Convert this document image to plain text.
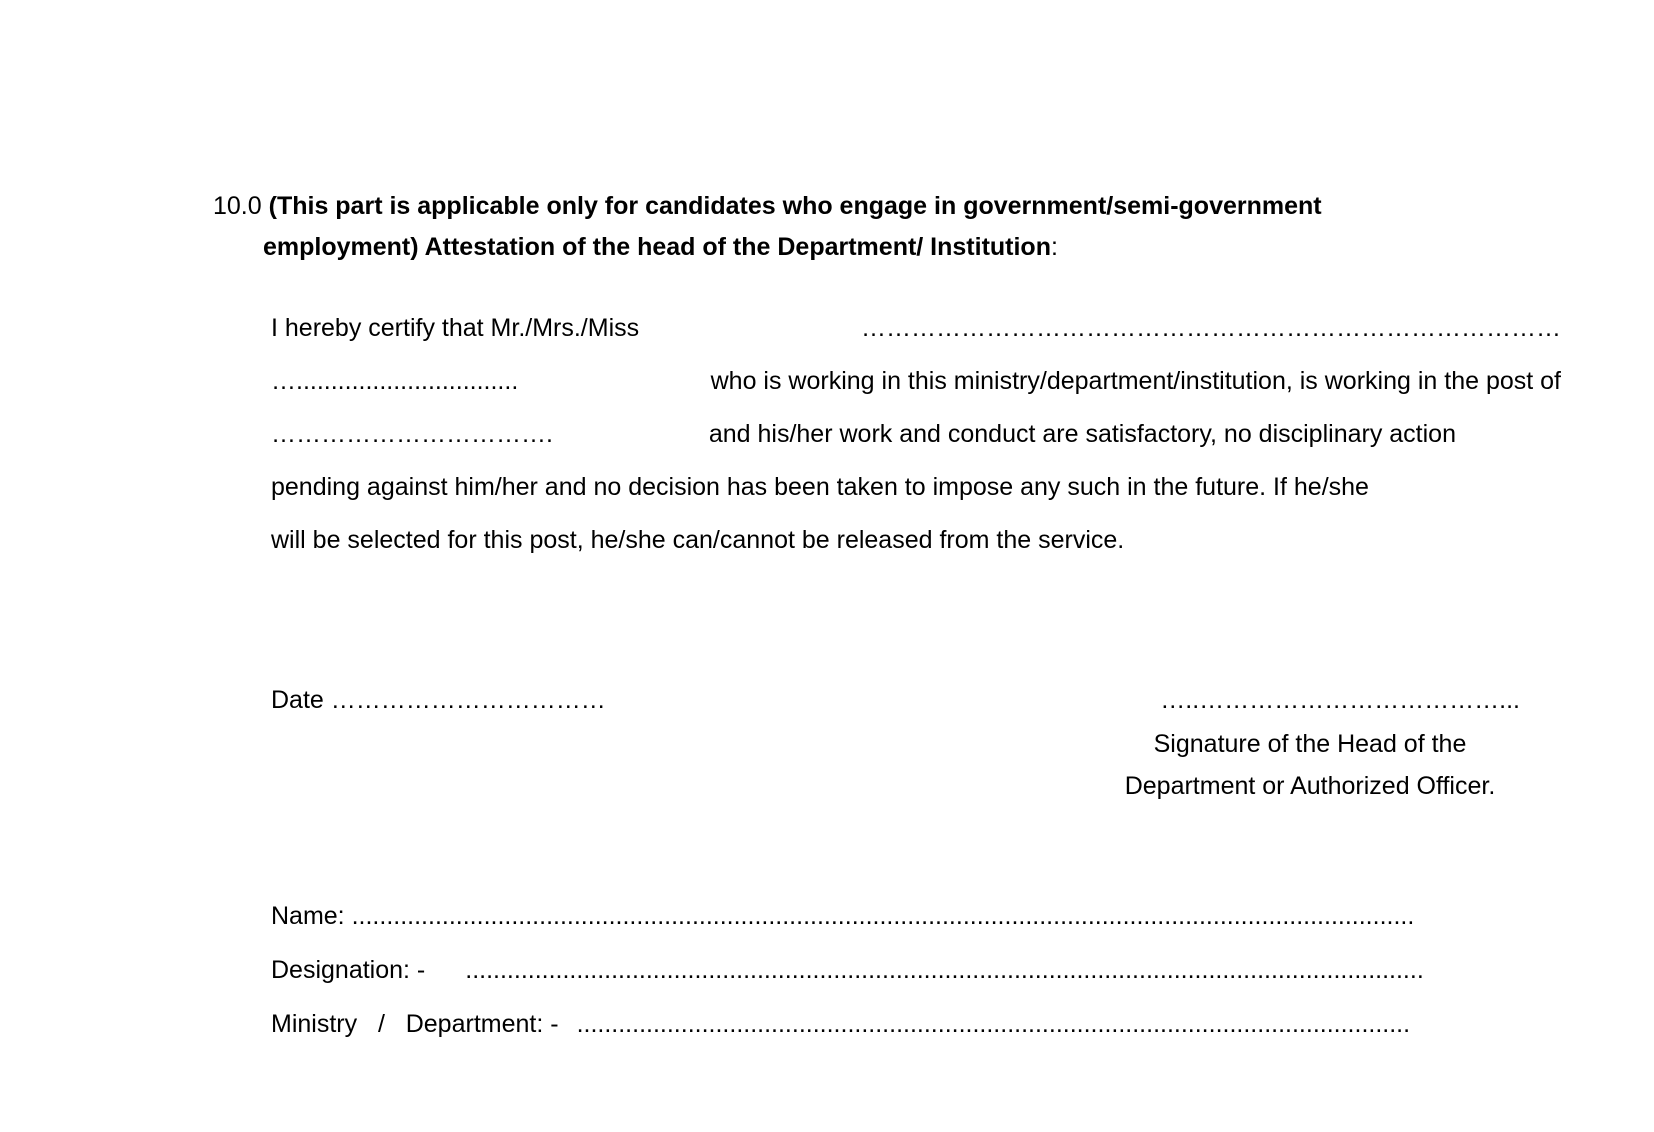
10.0 (This part is applicable only for candidates who engage in government/semi-government
employment) Attestation of the head of the Department/ Institution:
I hereby certify that Mr./Mrs./Miss	…………………………………………………………………………
…................................	who is working in this ministry/department/institution, is working in the post of
…………………………….	and his/her work and conduct are satisfactory, no disciplinary action
pending against him/her and no decision has been taken to impose any such in the future. If he/she
will be selected for this post, he/she can/cannot be released from the service.
Date ……………………………	…..………………………………...
Signature of the Head of the
Department or Authorized Officer.
Name: .........................................................................................................................................................
Designation: - ..........................................................................................................................................
Ministry   /   Department: - ........................................................................................................................
